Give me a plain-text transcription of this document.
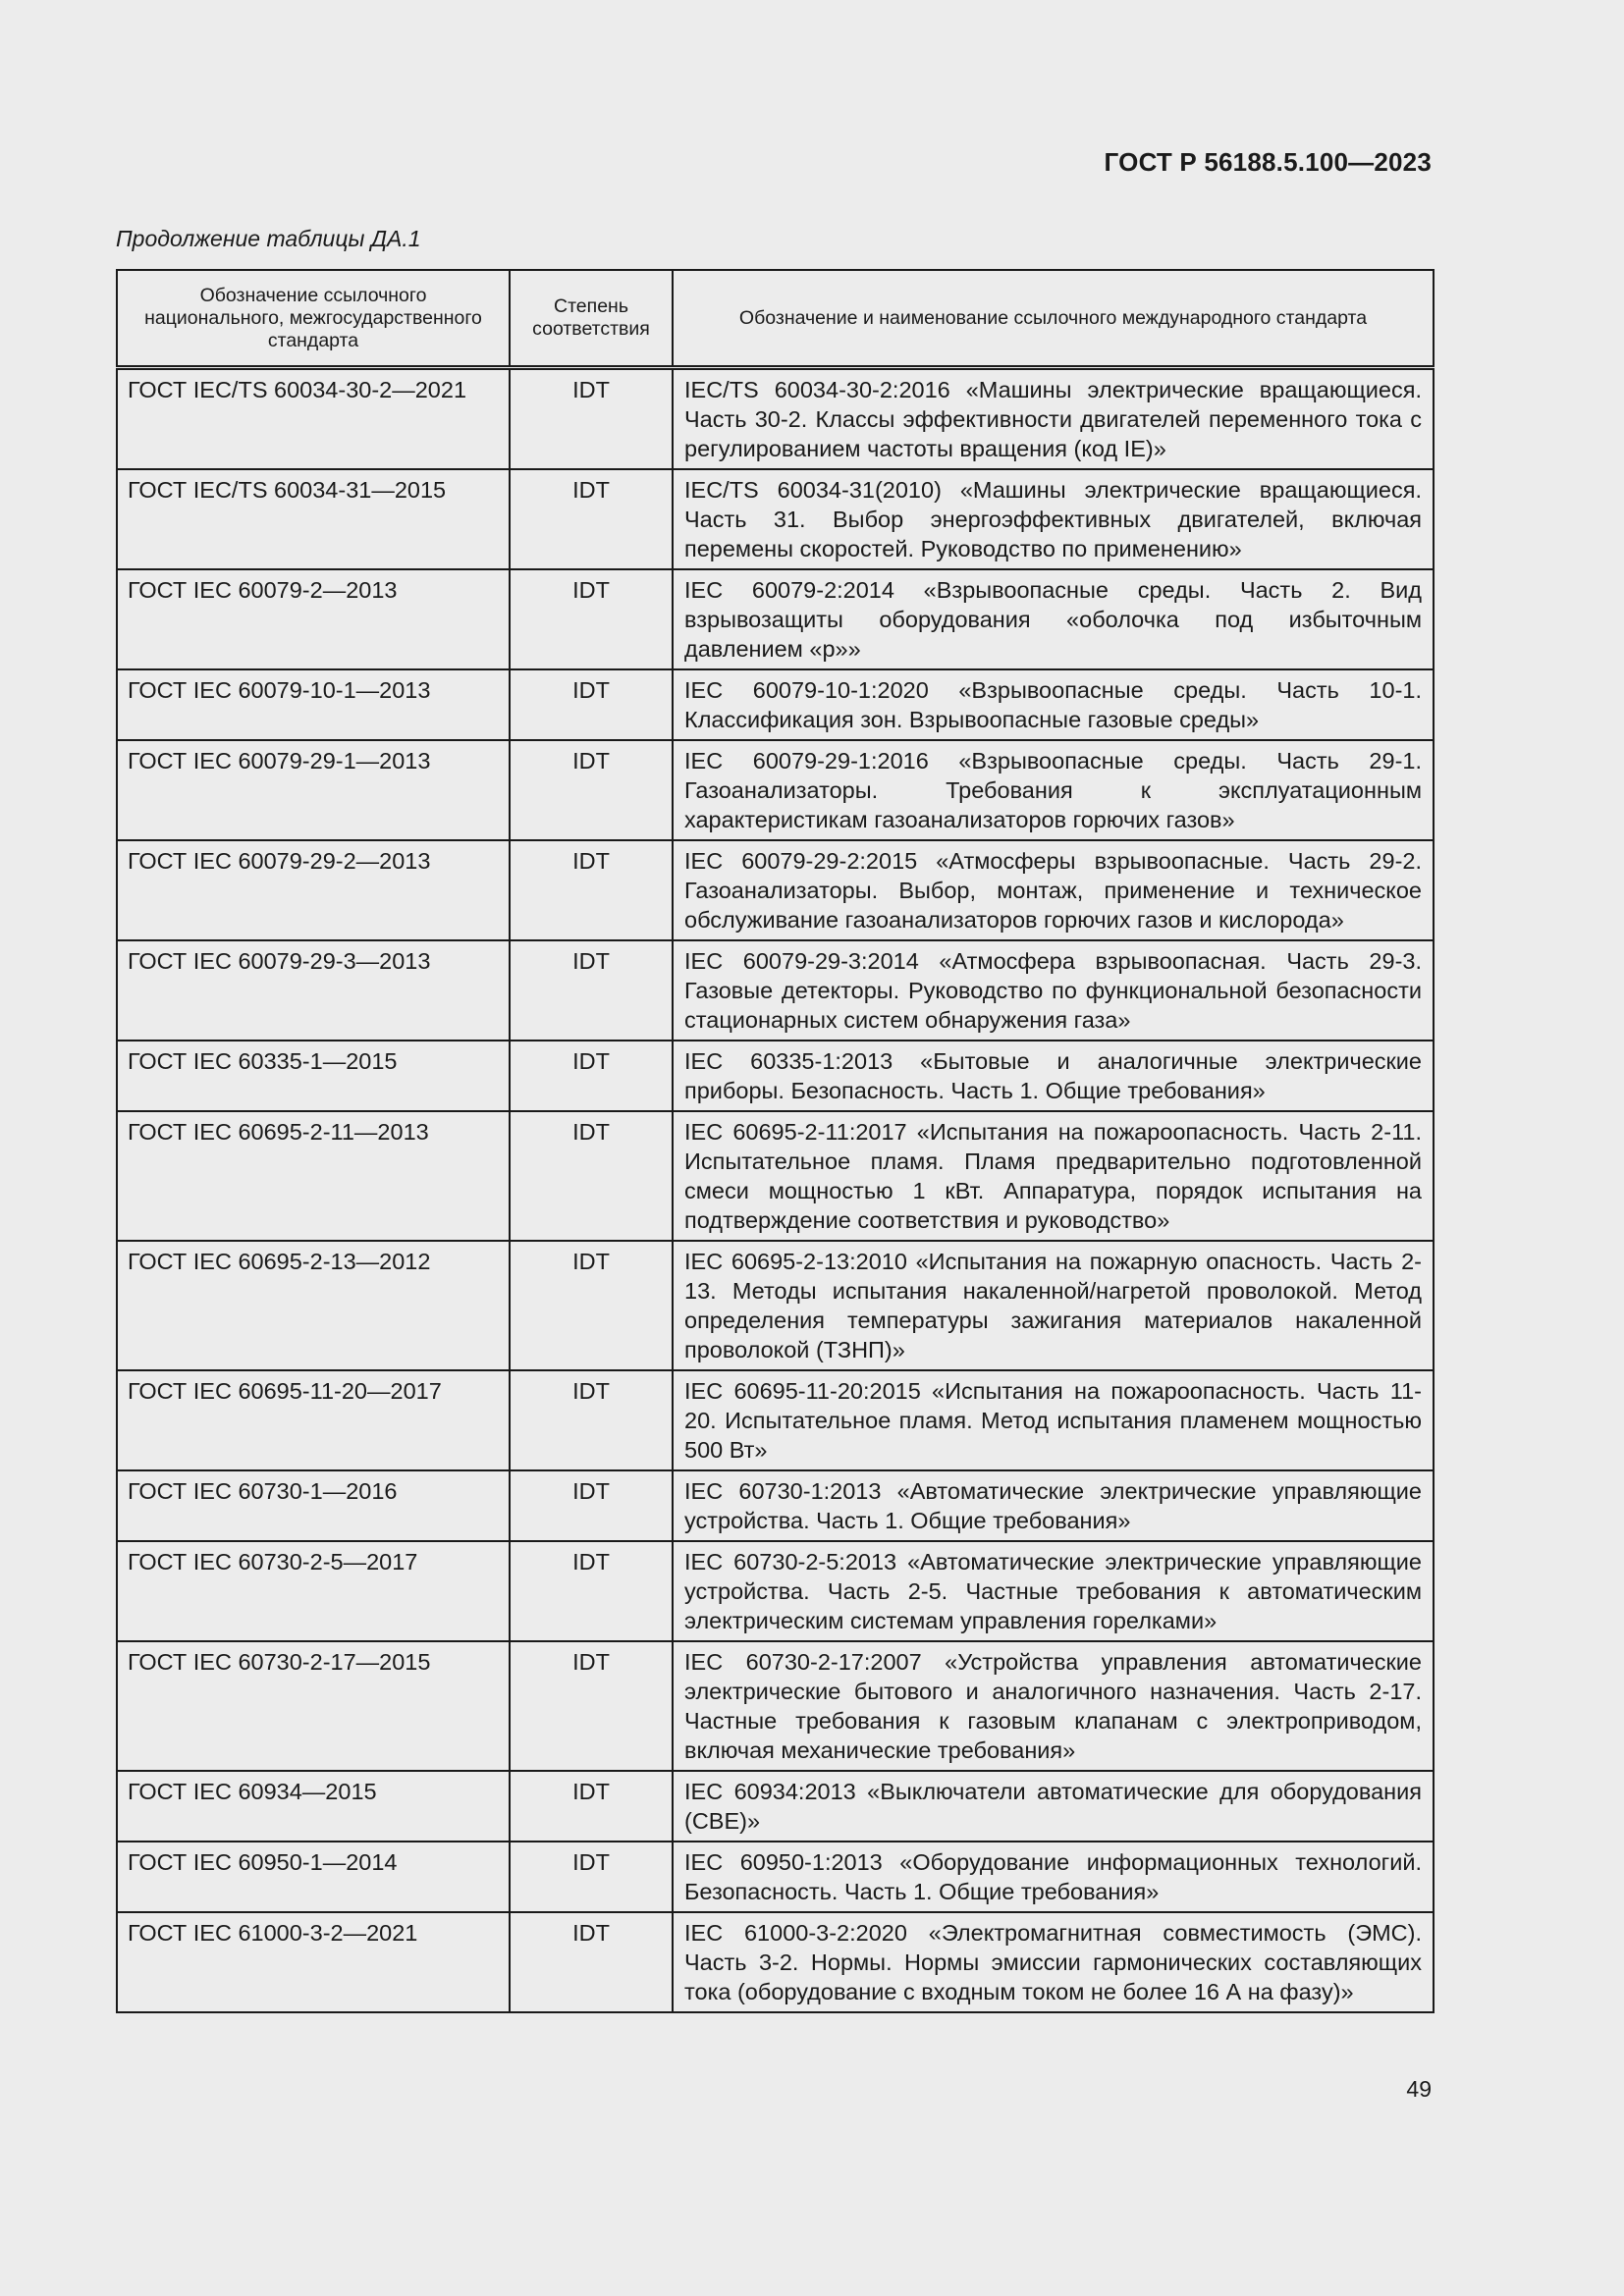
ГОСТ Р 56188.5.100—2023
Продолжение таблицы ДА.1
Обозначение ссылочного национального, межгосударственного стандарта	Степень соответствия	Обозначение и наименование ссылочного международного стандарта
ГОСТ IEC/TS 60034-30-2—2021	IDT	IEC/TS 60034-30-2:2016 «Машины электрические вращающиеся. Часть 30-2. Классы эффективности двигателей переменного тока с регулированием частоты вращения (код IE)»
ГОСТ IEC/TS 60034-31—2015	IDT	IEC/TS 60034-31(2010) «Машины электрические вращающиеся. Часть 31. Выбор энергоэффективных двигателей, включая перемены скоростей. Руководство по применению»
ГОСТ IEC 60079-2—2013	IDT	IEC 60079-2:2014 «Взрывоопасные среды. Часть 2. Вид взрывозащиты оборудования «оболочка под избыточным давлением «p»»
ГОСТ IEC 60079-10-1—2013	IDT	IEC 60079-10-1:2020 «Взрывоопасные среды. Часть 10-1. Классификация зон. Взрывоопасные газовые среды»
ГОСТ IEC 60079-29-1—2013	IDT	IEC 60079-29-1:2016 «Взрывоопасные среды. Часть 29-1. Газоанализаторы. Требования к эксплуатационным характеристикам газоанализаторов горючих газов»
ГОСТ IEC 60079-29-2—2013	IDT	IEC 60079-29-2:2015 «Атмосферы взрывоопасные. Часть 29-2. Газоанализаторы. Выбор, монтаж, применение и техническое обслуживание газоанализаторов горючих газов и кислорода»
ГОСТ IEC 60079-29-3—2013	IDT	IEC 60079-29-3:2014 «Атмосфера взрывоопасная. Часть 29-3. Газовые детекторы. Руководство по функциональной безопасности стационарных систем обнаружения газа»
ГОСТ IEC 60335-1—2015	IDT	IEC 60335-1:2013 «Бытовые и аналогичные электрические приборы. Безопасность. Часть 1. Общие требования»
ГОСТ IEC 60695-2-11—2013	IDT	IEC 60695-2-11:2017 «Испытания на пожароопасность. Часть 2-11. Испытательное пламя. Пламя предварительно подготовленной смеси мощностью 1 кВт. Аппаратура, порядок испытания на подтверждение соответствия и руководство»
ГОСТ IEC 60695-2-13—2012	IDT	IEC 60695-2-13:2010 «Испытания на пожарную опасность. Часть 2-13. Методы испытания накаленной/нагретой проволокой. Метод определения температуры зажигания материалов накаленной проволокой (ТЗНП)»
ГОСТ IEC 60695-11-20—2017	IDT	IEC 60695-11-20:2015 «Испытания на пожароопасность. Часть 11-20. Испытательное пламя. Метод испытания пламенем мощностью 500 Вт»
ГОСТ IEC 60730-1—2016	IDT	IEC 60730-1:2013 «Автоматические электрические управляющие устройства. Часть 1. Общие требования»
ГОСТ IEC 60730-2-5—2017	IDT	IEC 60730-2-5:2013 «Автоматические электрические управляющие устройства. Часть 2-5. Частные требования к автоматическим электрическим системам управления горелками»
ГОСТ IEC 60730-2-17—2015	IDT	IEC 60730-2-17:2007 «Устройства управления автоматические электрические бытового и аналогичного назначения. Часть 2-17. Частные требования к газовым клапанам с электроприводом, включая механические требования»
ГОСТ IEC 60934—2015	IDT	IEC 60934:2013 «Выключатели автоматические для оборудования (CBE)»
ГОСТ IEC 60950-1—2014	IDT	IEC 60950-1:2013 «Оборудование информационных технологий. Безопасность. Часть 1. Общие требования»
ГОСТ IEC 61000-3-2—2021	IDT	IEC 61000-3-2:2020 «Электромагнитная совместимость (ЭМС). Часть 3-2. Нормы. Нормы эмиссии гармонических составляющих тока (оборудование с входным током не более 16 А на фазу)»
49
